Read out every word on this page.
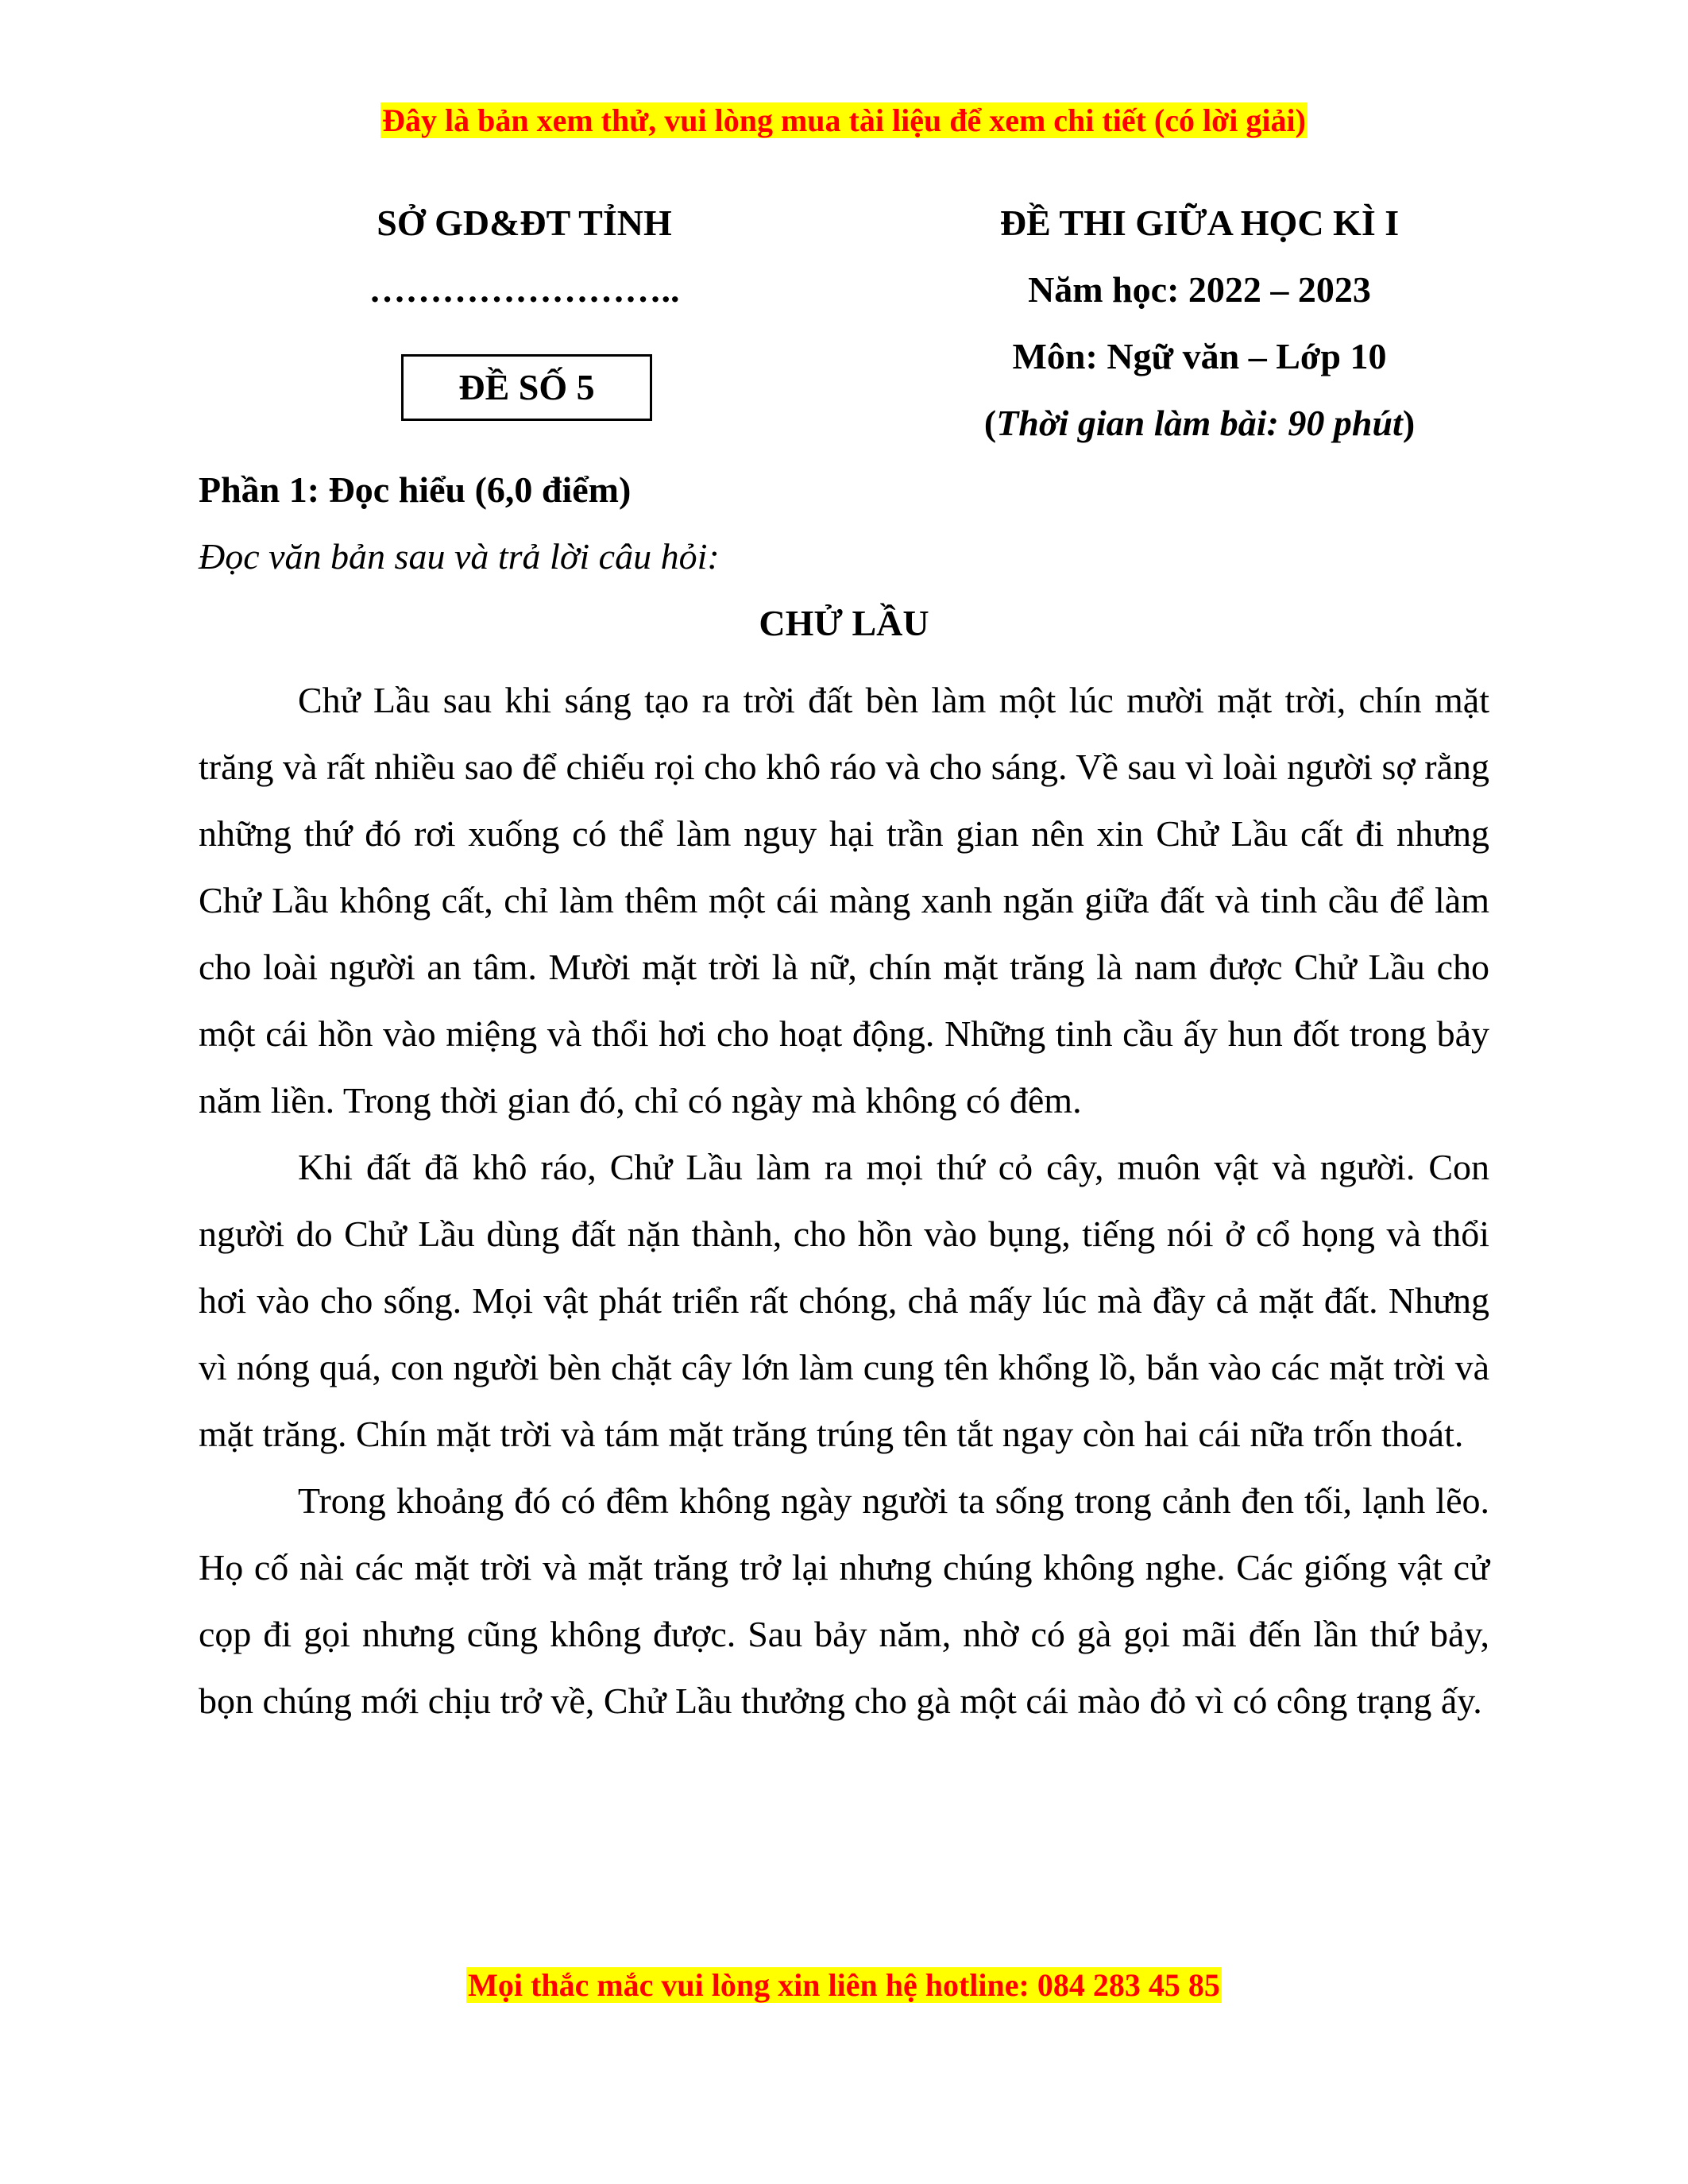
Đây là bản xem thử, vui lòng mua tài liệu để xem chi tiết (có lời giải)
SỞ GD&ĐT TỈNH
……………………..
ĐỀ SỐ 5
ĐỀ THI GIỮA HỌC KÌ I
Năm học: 2022 – 2023
Môn: Ngữ văn – Lớp 10
(Thời gian làm bài: 90 phút)
Phần 1: Đọc hiểu (6,0 điểm)
Đọc văn bản sau và trả lời câu hỏi:
CHỬ LẦU

Chử Lầu sau khi sáng tạo ra trời đất bèn làm một lúc mười mặt trời, chín mặt trăng và rất nhiều sao để chiếu rọi cho khô ráo và cho sáng. Về sau vì loài người sợ rằng những thứ đó rơi xuống có thể làm nguy hại trần gian nên xin Chử Lầu cất đi nhưng Chử Lầu không cất, chỉ làm thêm một cái màng xanh ngăn giữa đất và tinh cầu để làm cho loài người an tâm. Mười mặt trời là nữ, chín mặt trăng là nam được Chử Lầu cho một cái hồn vào miệng và thổi hơi cho hoạt động. Những tinh cầu ấy hun đốt trong bảy năm liền. Trong thời gian đó, chỉ có ngày mà không có đêm.

Khi đất đã khô ráo, Chử Lầu làm ra mọi thứ cỏ cây, muôn vật và người. Con người do Chử Lầu dùng đất nặn thành, cho hồn vào bụng, tiếng nói ở cổ họng và thổi hơi vào cho sống. Mọi vật phát triển rất chóng, chả mấy lúc mà đầy cả mặt đất. Nhưng vì nóng quá, con người bèn chặt cây lớn làm cung tên khổng lồ, bắn vào các mặt trời và mặt trăng. Chín mặt trời và tám mặt trăng trúng tên tắt ngay còn hai cái nữa trốn thoát.

Trong khoảng đó có đêm không ngày người ta sống trong cảnh đen tối, lạnh lẽo. Họ cố nài các mặt trời và mặt trăng trở lại nhưng chúng không nghe. Các giống vật cử cọp đi gọi nhưng cũng không được. Sau bảy năm, nhờ có gà gọi mãi đến lần thứ bảy, bọn chúng mới chịu trở về, Chử Lầu thưởng cho gà một cái mào đỏ vì có công trạng ấy.

Mọi thắc mắc vui lòng xin liên hệ hotline: 084 283 45 85
